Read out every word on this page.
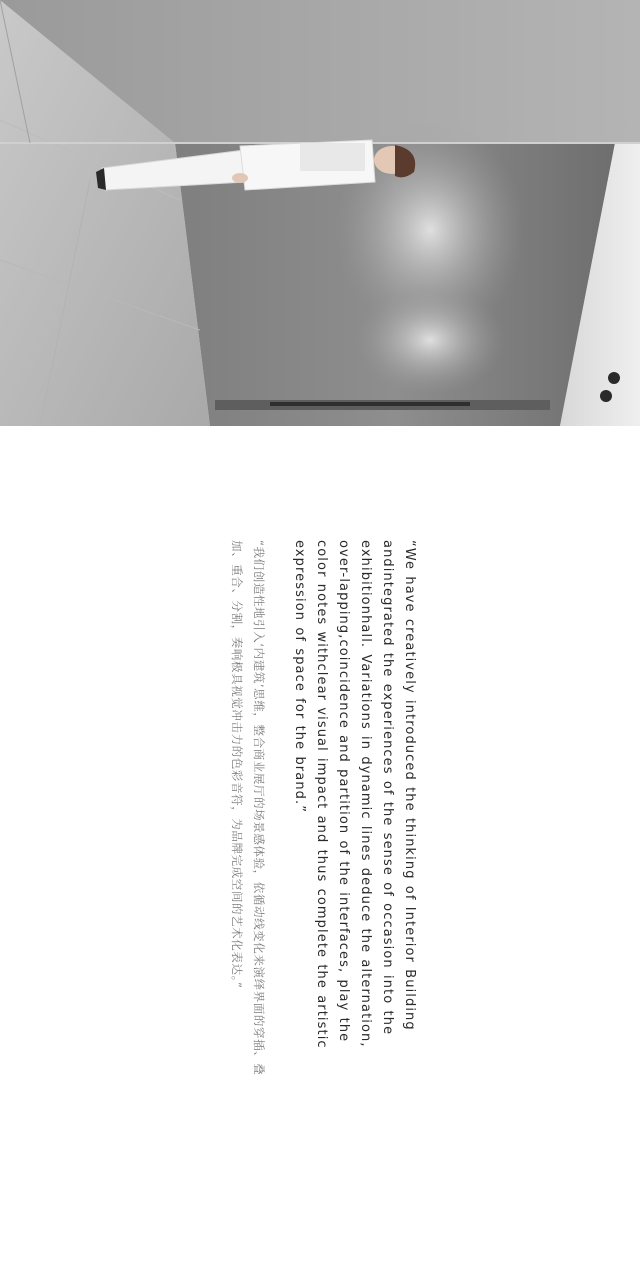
“We have creatively introduced the thinking of Interior Building andintegrated the experiences of the sense of occasion into the exhibitionhall. Variations in dynamic lines deduce the alternation, over-lapping,coincidence and partition of the interfaces, play the color notes withclear visual impact and thus complete the artistic expression of space for the brand.”

“我们创造性地引入‘内建筑’思维，整合商业展厅的场景感体验，依循动线变化来演绎界面的穿插、叠加、重合、分割，奏响极具视觉冲击力的色彩音符，为品牌完成空间的艺术化表达。”
